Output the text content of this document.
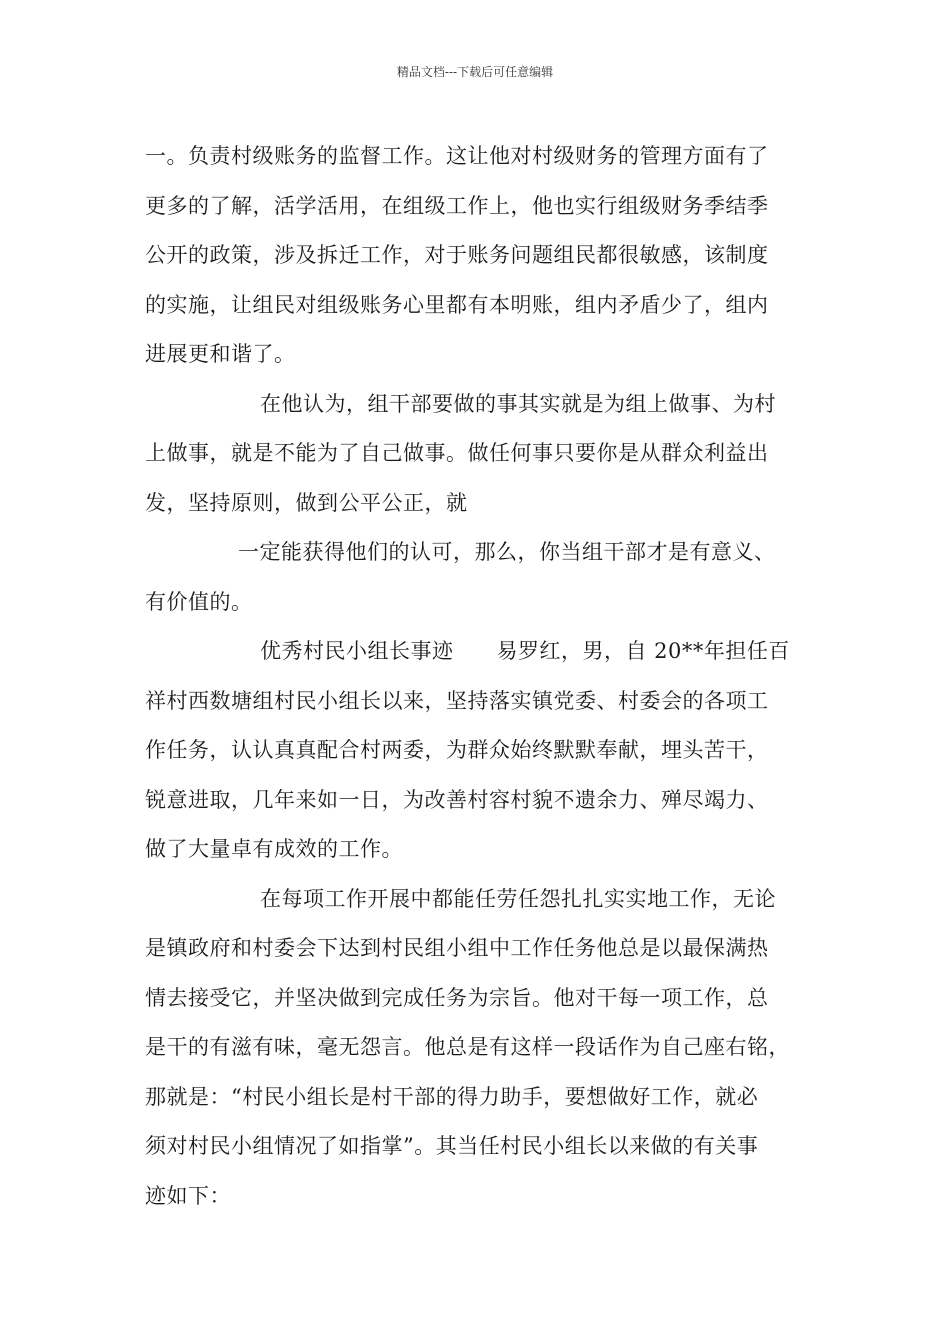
精品文档---下载后可任意编辑
一。负责村级账务的监督工作。这让他对村级财务的管理方面有了
更多的了解，活学活用，在组级工作上，他也实行组级财务季结季
公开的政策，涉及拆迁工作，对于账务问题组民都很敏感，该制度
的实施，让组民对组级账务心里都有本明账，组内矛盾少了，组内
进展更和谐了。
在他认为，组干部要做的事其实就是为组上做事、为村
上做事，就是不能为了自己做事。做任何事只要你是从群众利益出
发，坚持原则，做到公平公正，就
一定能获得他们的认可，那么，你当组干部才是有意义、
有价值的。
优秀村民小组长事迹　　易罗红，男，自 20**年担任百
祥村西数塘组村民小组长以来，坚持落实镇党委、村委会的各项工
作任务，认认真真配合村两委，为群众始终默默奉献，埋头苦干，
锐意进取，几年来如一日，为改善村容村貌不遗余力、殚尽竭力、
做了大量卓有成效的工作。
在每项工作开展中都能任劳任怨扎扎实实地工作，无论
是镇政府和村委会下达到村民组小组中工作任务他总是以最保满热
情去接受它，并坚决做到完成任务为宗旨。他对干每一项工作，总
是干的有滋有味，毫无怨言。他总是有这样一段话作为自己座右铭，
那就是：“村民小组长是村干部的得力助手，要想做好工作，就必
须对村民小组情况了如指掌”。其当任村民小组长以来做的有关事
迹如下：
